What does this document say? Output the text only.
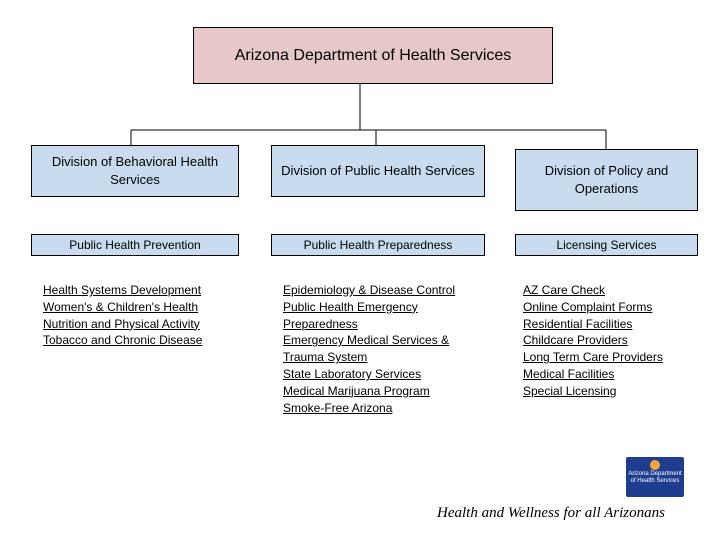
Arizona Department of Health Services
Division of Behavioral Health Services
Division of Public Health Services	Division of Policy and Operations
Public Health Prevention	Public Health Preparedness	Licensing Services
Health Systems Development
Women's & Children's Health
Nutrition and Physical Activity
Tobacco and Chronic Disease
Epidemiology & Disease Control
Public Health Emergency
Preparedness
Emergency Medical Services &
Trauma System
State Laboratory Services
Medical Marijuana Program
Smoke-Free Arizona
AZ Care Check
Online Complaint Forms
Residential Facilities
Childcare Providers
Long Term Care Providers
Medical Facilities
Special Licensing
Arizona Department of Health Services
Health and Wellness for all Arizonans
